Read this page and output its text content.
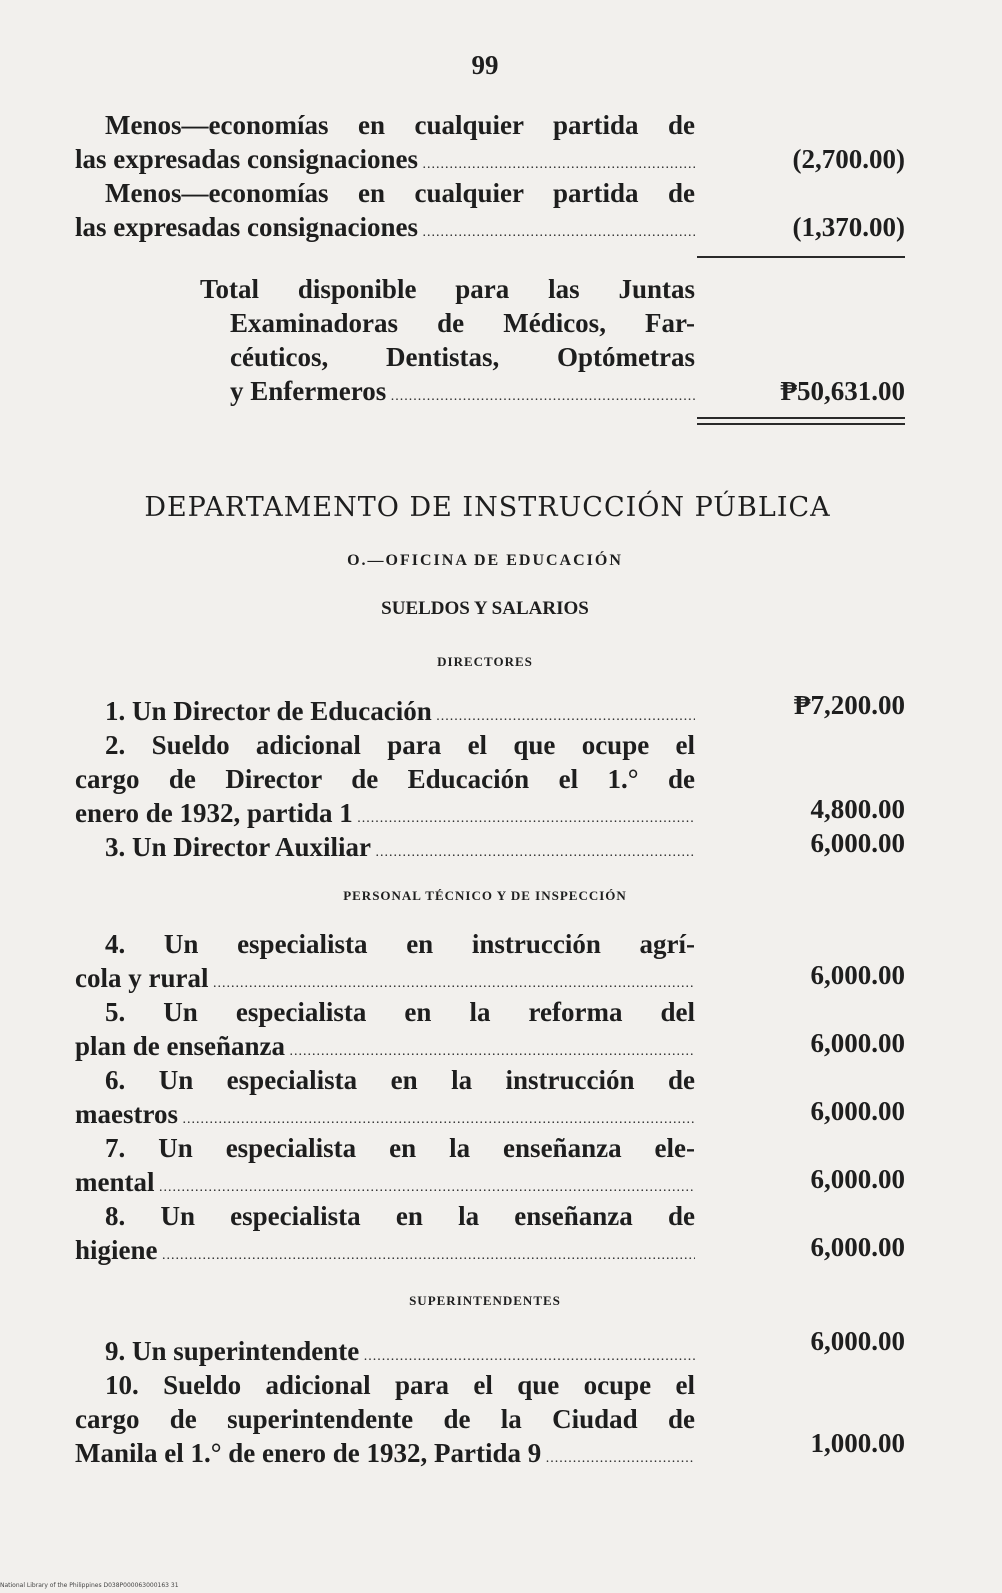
99
Menos—economías en cualquier partida de
las expresadas consignaciones .....	(2,700.00)
Menos—economías en cualquier partida de
las expresadas consignaciones .....	(1,370.00)
Total disponible para las Juntas
Examinadoras de Médicos, Far-
céuticos, Dentistas, Optómetras
y Enfermeros .....	₱50,631.00
DEPARTAMENTO DE INSTRUCCIÓN PÚBLICA
O.—OFICINA DE EDUCACIÓN
SUELDOS Y SALARIOS
DIRECTORES
1. Un Director de Educación .....	₱7,200.00
2. Sueldo adicional para el que ocupe el
cargo de Director de Educación el 1.° de
enero de 1932, partida 1 .....	4,800.00
3. Un Director Auxiliar .....	6,000.00
PERSONAL TÉCNICO Y DE INSPECCIÓN
4. Un especialista en instrucción agrí-
cola y rural .....	6,000.00
5. Un especialista en la reforma del
plan de enseñanza .....	6,000.00
6. Un especialista en la instrucción de
maestros .....	6,000.00
7. Un especialista en la enseñanza ele-
mental .....	6,000.00
8. Un especialista en la enseñanza de
higiene .....	6,000.00
SUPERINTENDENTES
9. Un superintendente .....	6,000.00
10. Sueldo adicional para el que ocupe el
cargo de superintendente de la Ciudad de
Manila el 1.° de enero de 1932, Partida 9 .....	1,000.00
National Library of the Philippines D038P000063000163 31
